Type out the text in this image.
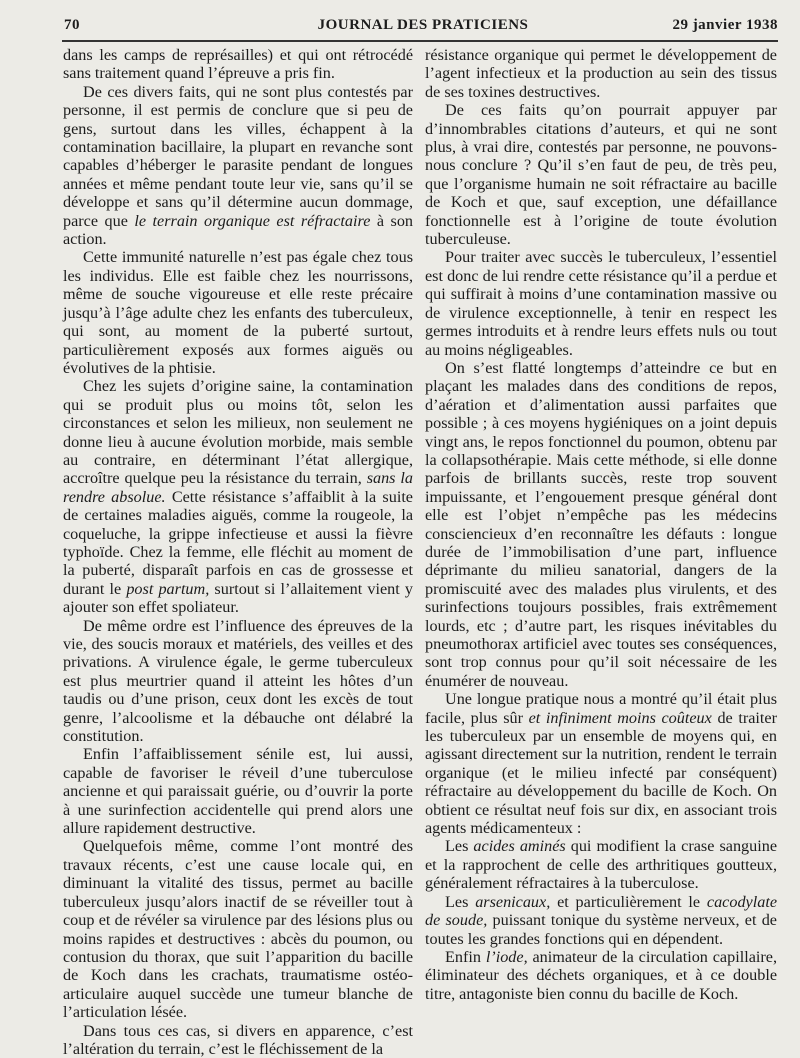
70	JOURNAL DES PRATICIENS	29 janvier 1938

dans les camps de représailles) et qui ont rétrocédé sans traitement quand l’épreuve a pris fin.

De ces divers faits, qui ne sont plus contestés par personne, il est permis de conclure que si peu de gens, surtout dans les villes, échappent à la contamination bacillaire, la plupart en revanche sont capables d’héberger le parasite pendant de longues années et même pendant toute leur vie, sans qu’il se développe et sans qu’il détermine aucun dommage, parce que le terrain organique est réfractaire à son action.

Cette immunité naturelle n’est pas égale chez tous les individus. Elle est faible chez les nourrissons, même de souche vigoureuse et elle reste précaire jusqu’à l’âge adulte chez les enfants des tuberculeux, qui sont, au moment de la puberté surtout, particulièrement exposés aux formes aiguës ou évolutives de la phtisie.

Chez les sujets d’origine saine, la contamination qui se produit plus ou moins tôt, selon les circonstances et selon les milieux, non seulement ne donne lieu à aucune évolution morbide, mais semble au contraire, en déterminant l’état allergique, accroître quelque peu la résistance du terrain, sans la rendre absolue. Cette résistance s’affaiblit à la suite de certaines maladies aiguës, comme la rougeole, la coqueluche, la grippe infectieuse et aussi la fièvre typhoïde. Chez la femme, elle fléchit au moment de la puberté, disparaît parfois en cas de grossesse et durant le post partum, surtout si l’allaitement vient y ajouter son effet spoliateur.

De même ordre est l’influence des épreuves de la vie, des soucis moraux et matériels, des veilles et des privations. A virulence égale, le germe tuberculeux est plus meurtrier quand il atteint les hôtes d’un taudis ou d’une prison, ceux dont les excès de tout genre, l’alcoolisme et la débauche ont délabré la constitution.

Enfin l’affaiblissement sénile est, lui aussi, capable de favoriser le réveil d’une tuberculose ancienne et qui paraissait guérie, ou d’ouvrir la porte à une surinfection accidentelle qui prend alors une allure rapidement destructive.

Quelquefois même, comme l’ont montré des travaux récents, c’est une cause locale qui, en diminuant la vitalité des tissus, permet au bacille tuberculeux jusqu’alors inactif de se réveiller tout à coup et de révéler sa virulence par des lésions plus ou moins rapides et destructives : abcès du poumon, ou contusion du thorax, que suit l’apparition du bacille de Koch dans les crachats, traumatisme ostéo-articulaire auquel succède une tumeur blanche de l’articulation lésée.

Dans tous ces cas, si divers en apparence, c’est l’altération du terrain, c’est le fléchissement de la

résistance organique qui permet le développement de l’agent infectieux et la production au sein des tissus de ses toxines destructives.

De ces faits qu’on pourrait appuyer par d’innombrables citations d’auteurs, et qui ne sont plus, à vrai dire, contestés par personne, ne pouvons-nous conclure ? Qu’il s’en faut de peu, de très peu, que l’organisme humain ne soit réfractaire au bacille de Koch et que, sauf exception, une défaillance fonctionnelle est à l’origine de toute évolution tuberculeuse.

Pour traiter avec succès le tuberculeux, l’essentiel est donc de lui rendre cette résistance qu’il a perdue et qui suffirait à moins d’une contamination massive ou de virulence exceptionnelle, à tenir en respect les germes introduits et à rendre leurs effets nuls ou tout au moins négligeables.

On s’est flatté longtemps d’atteindre ce but en plaçant les malades dans des conditions de repos, d’aération et d’alimentation aussi parfaites que possible ; à ces moyens hygiéniques on a joint depuis vingt ans, le repos fonctionnel du poumon, obtenu par la collapsothérapie. Mais cette méthode, si elle donne parfois de brillants succès, reste trop souvent impuissante, et l’engouement presque général dont elle est l’objet n’empêche pas les médecins consciencieux d’en reconnaître les défauts : longue durée de l’immobilisation d’une part, influence déprimante du milieu sanatorial, dangers de la promiscuité avec des malades plus virulents, et des surinfections toujours possibles, frais extrêmement lourds, etc ; d’autre part, les risques inévitables du pneumothorax artificiel avec toutes ses conséquences, sont trop connus pour qu’il soit nécessaire de les énumérer de nouveau.

Une longue pratique nous a montré qu’il était plus facile, plus sûr et infiniment moins coûteux de traiter les tuberculeux par un ensemble de moyens qui, en agissant directement sur la nutrition, rendent le terrain organique (et le milieu infecté par conséquent) réfractaire au développement du bacille de Koch. On obtient ce résultat neuf fois sur dix, en associant trois agents médicamenteux :

Les acides aminés qui modifient la crase sanguine et la rapprochent de celle des arthritiques goutteux, généralement réfractaires à la tuberculose.

Les arsenicaux, et particulièrement le cacodylate de soude, puissant tonique du système nerveux, et de toutes les grandes fonctions qui en dépendent.

Enfin l’iode, animateur de la circulation capillaire, éliminateur des déchets organiques, et à ce double titre, antagoniste bien connu du bacille de Koch.
